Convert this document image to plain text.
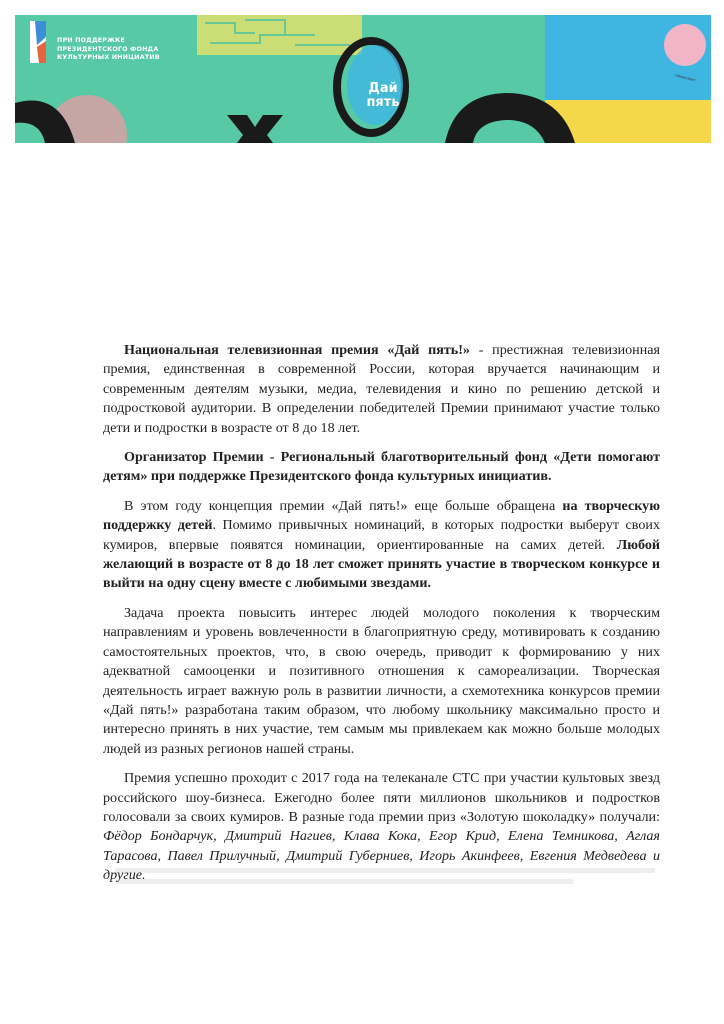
ПРИ ПОДДЕРЖКЕ
ПРЕЗИДЕНТСКОГО ФОНДА
КУЛЬТУРНЫХ ИНИЦИАТИВ
Дай
пять
помогают

Национальная телевизионная премия «Дай пять!» - престижная телевизионная премия, единственная в современной России, которая вручается начинающим и современным деятелям музыки, медиа, телевидения и кино по решению детской и подростковой аудитории. В определении победителей Премии принимают участие только дети и подростки в возрасте от 8 до 18 лет.

Организатор Премии - Региональный благотворительный фонд «Дети помогают детям» при поддержке Президентского фонда культурных инициатив.

В этом году концепция премии «Дай пять!» еще больше обращена на творческую поддержку детей. Помимо привычных номинаций, в которых подростки выберут своих кумиров, впервые появятся номинации, ориентированные на самих детей. Любой желающий в возрасте от 8 до 18 лет сможет принять участие в творческом конкурсе и выйти на одну сцену вместе с любимыми звездами.

Задача проекта повысить интерес людей молодого поколения к творческим направлениям и уровень вовлеченности в благоприятную среду, мотивировать к созданию самостоятельных проектов, что, в свою очередь, приводит к формированию у них адекватной самооценки и позитивного отношения к самореализации. Творческая деятельность играет важную роль в развитии личности, а схемотехника конкурсов премии «Дай пять!» разработана таким образом, что любому школьнику максимально просто и интересно принять в них участие, тем самым мы привлекаем как можно больше молодых людей из разных регионов нашей страны.

Премия успешно проходит с 2017 года на телеканале СТС при участии культовых звезд российского шоу-бизнеса. Ежегодно более пяти миллионов школьников и подростков голосовали за своих кумиров. В разные года премии приз «Золотую шоколадку» получали: Фёдор Бондарчук, Дмитрий Нагиев, Клава Кока, Егор Крид, Елена Темникова, Аглая Тарасова, Павел Прилучный, Дмитрий Губерниев, Игорь Акинфеев, Евгения Медведева и другие.
